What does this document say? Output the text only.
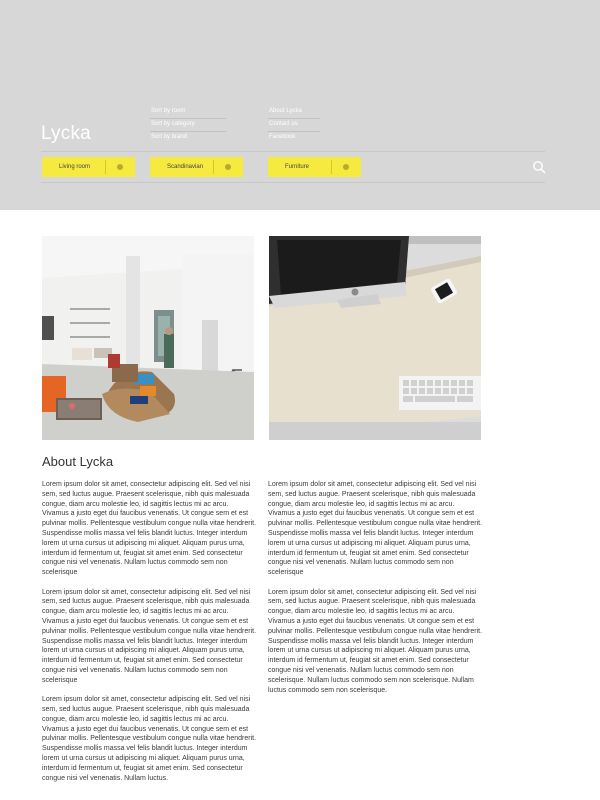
Lycka
Sort by room
Sort by category
Sort by brand
About Lycka
Contact us
Facebook
Living room	Scandinavian	Furniture
About Lycka

Lorem ipsum dolor sit amet, consectetur adipiscing elit. Sed vel nisi sem, sed luctus augue. Praesent scelerisque, nibh quis malesuada congue, diam arcu molestie leo, id sagittis lectus mi ac arcu. Vivamus a justo eget dui faucibus venenatis. Ut congue sem et est pulvinar mollis. Pellentesque vestibulum congue nulla vitae hendrerit. Suspendisse mollis massa vel felis blandit luctus. Integer interdum lorem ut urna cursus ut adipiscing mi aliquet. Aliquam purus urna, interdum id fermentum ut, feugiat sit amet enim. Sed consectetur congue nisi vel venenatis. Nullam luctus commodo sem non scelerisque

Lorem ipsum dolor sit amet, consectetur adipiscing elit. Sed vel nisi sem, sed luctus augue. Praesent scelerisque, nibh quis malesuada congue, diam arcu molestie leo, id sagittis lectus mi ac arcu. Vivamus a justo eget dui faucibus venenatis. Ut congue sem et est pulvinar mollis. Pellentesque vestibulum congue nulla vitae hendrerit. Suspendisse mollis massa vel felis blandit luctus. Integer interdum lorem ut urna cursus ut adipiscing mi aliquet. Aliquam purus urna, interdum id fermentum ut, feugiat sit amet enim. Sed consectetur congue nisi vel venenatis. Nullam luctus commodo sem non scelerisque

Lorem ipsum dolor sit amet, consectetur adipiscing elit. Sed vel nisi sem, sed luctus augue. Praesent scelerisque, nibh quis malesuada congue, diam arcu molestie leo, id sagittis lectus mi ac arcu. Vivamus a justo eget dui faucibus venenatis. Ut congue sem et est pulvinar mollis. Pellentesque vestibulum congue nulla vitae hendrerit. Suspendisse mollis massa vel felis blandit luctus. Integer interdum lorem ut urna cursus ut adipiscing mi aliquet. Aliquam purus urna, interdum id fermentum ut, feugiat sit amet enim. Sed consectetur congue nisi vel venenatis. Nullam luctus.

Lorem ipsum dolor sit amet, consectetur adipiscing elit. Sed vel nisi sem, sed luctus augue. Praesent scelerisque, nibh quis malesuada congue, diam arcu molestie leo, id sagittis lectus mi ac arcu. Vivamus a justo eget dui faucibus venenatis. Ut congue sem et est pulvinar mollis. Pellentesque vestibulum congue nulla vitae hendrerit. Suspendisse mollis massa vel felis blandit luctus. Integer interdum lorem ut urna cursus ut adipiscing mi aliquet. Aliquam purus urna, interdum id fermentum ut, feugiat sit amet enim. Sed consectetur congue nisi vel venenatis. Nullam luctus commodo sem non scelerisque

Lorem ipsum dolor sit amet, consectetur adipiscing elit. Sed vel nisi sem, sed luctus augue. Praesent scelerisque, nibh quis malesuada congue, diam arcu molestie leo, id sagittis lectus mi ac arcu. Vivamus a justo eget dui faucibus venenatis. Ut congue sem et est pulvinar mollis. Pellentesque vestibulum congue nulla vitae hendrerit. Suspendisse mollis massa vel felis blandit luctus. Integer interdum lorem ut urna cursus ut adipiscing mi aliquet. Aliquam purus urna, interdum id fermentum ut, feugiat sit amet enim. Sed consectetur congue nisi vel venenatis. Nullam luctus commodo sem non scelerisque. Nullam luctus commodo sem non scelerisque. Nullam luctus commodo sem non scelerisque.
